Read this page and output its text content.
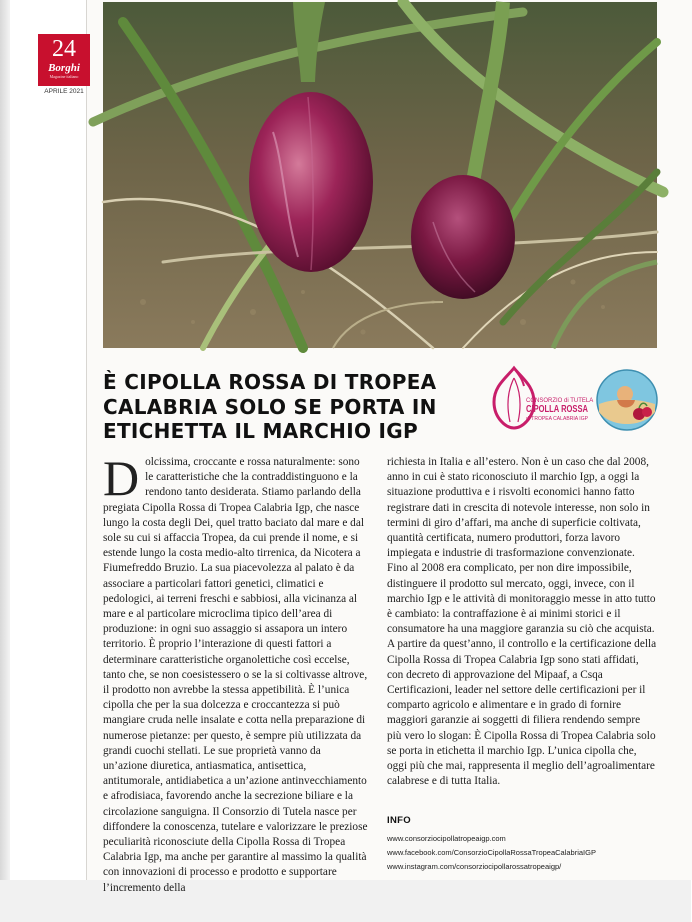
24
Borghi
Magazine italiano
APRILE 2021
È CIPOLLA ROSSA DI TROPEA CALABRIA SOLO SE PORTA IN ETICHETTA IL MARCHIO IGP
CONSORZIO di TUTELA
CIPOLLA ROSSA
di TROPEA CALABRIA IGP

Dolcissima, croccante e rossa naturalmente: sono le caratteristiche che la contraddistinguono e la rendono tanto desiderata. Stiamo parlando della pregiata Cipolla Rossa di Tropea Calabria Igp, che nasce lungo la costa degli Dei, quel tratto baciato dal mare e dal sole su cui si affaccia Tropea, da cui prende il nome, e si estende lungo la costa medio-alto tirrenica, da Nicotera a Fiumefreddo Bruzio. La sua piacevolezza al palato è da associare a particolari fattori genetici, climatici e pedologici, ai terreni freschi e sabbiosi, alla vicinanza al mare e al particolare microclima tipico dell’area di produzione: in ogni suo assaggio si assapora un intero territorio. È proprio l’interazione di questi fattori a determinare caratteristiche organolettiche così eccelse, tanto che, se non coesistessero o se la si coltivasse altrove, il prodotto non avrebbe la stessa appetibilità. È l’unica cipolla che per la sua dolcezza e croccantezza si può mangiare cruda nelle insalate e cotta nella preparazione di numerose pietanze: per questo, è sempre più utilizzata da grandi cuochi stellati. Le sue proprietà vanno da un’azione diuretica, antiasmatica, antisettica, antitumorale, antidiabetica a un’azione antinvecchiamento e afrodisiaca, favorendo anche la secrezione biliare e la circolazione sanguigna. Il Consorzio di Tutela nasce per diffondere la conoscenza, tutelare e valorizzare le preziose peculiarità riconosciute della Cipolla Rossa di Tropea Calabria Igp, ma anche per garantire al massimo la qualità con innovazioni di processo e prodotto e supportare l’incremento della

richiesta in Italia e all’estero. Non è un caso che dal 2008, anno in cui è stato riconosciuto il marchio Igp, a oggi la situazione produttiva e i risvolti economici hanno fatto registrare dati in crescita di notevole interesse, non solo in termini di giro d’affari, ma anche di superficie coltivata, quantità certificata, numero produttori, forza lavoro impiegata e industrie di trasformazione convenzionate. Fino al 2008 era complicato, per non dire impossibile, distinguere il prodotto sul mercato, oggi, invece, con il marchio Igp e le attività di monitoraggio messe in atto tutto è cambiato: la contraffazione è ai minimi storici e il consumatore ha una maggiore garanzia su ciò che acquista.

A partire da quest’anno, il controllo e la certificazione della Cipolla Rossa di Tropea Calabria Igp sono stati affidati, con decreto di approvazione del Mipaaf, a Csqa Certificazioni, leader nel settore delle certificazioni per il comparto agricolo e alimentare e in grado di fornire maggiori garanzie ai soggetti di filiera rendendo sempre più vero lo slogan: È Cipolla Rossa di Tropea Calabria solo se porta in etichetta il marchio Igp. L’unica cipolla che, oggi più che mai, rappresenta il meglio dell’agroalimentare calabrese e di tutta Italia.

INFO
www.consorziocipollatropeaigp.com
www.facebook.com/ConsorzioCipollaRossaTropeaCalabriaIGP
www.instagram.com/consorziocipollarossatropeaigp/
